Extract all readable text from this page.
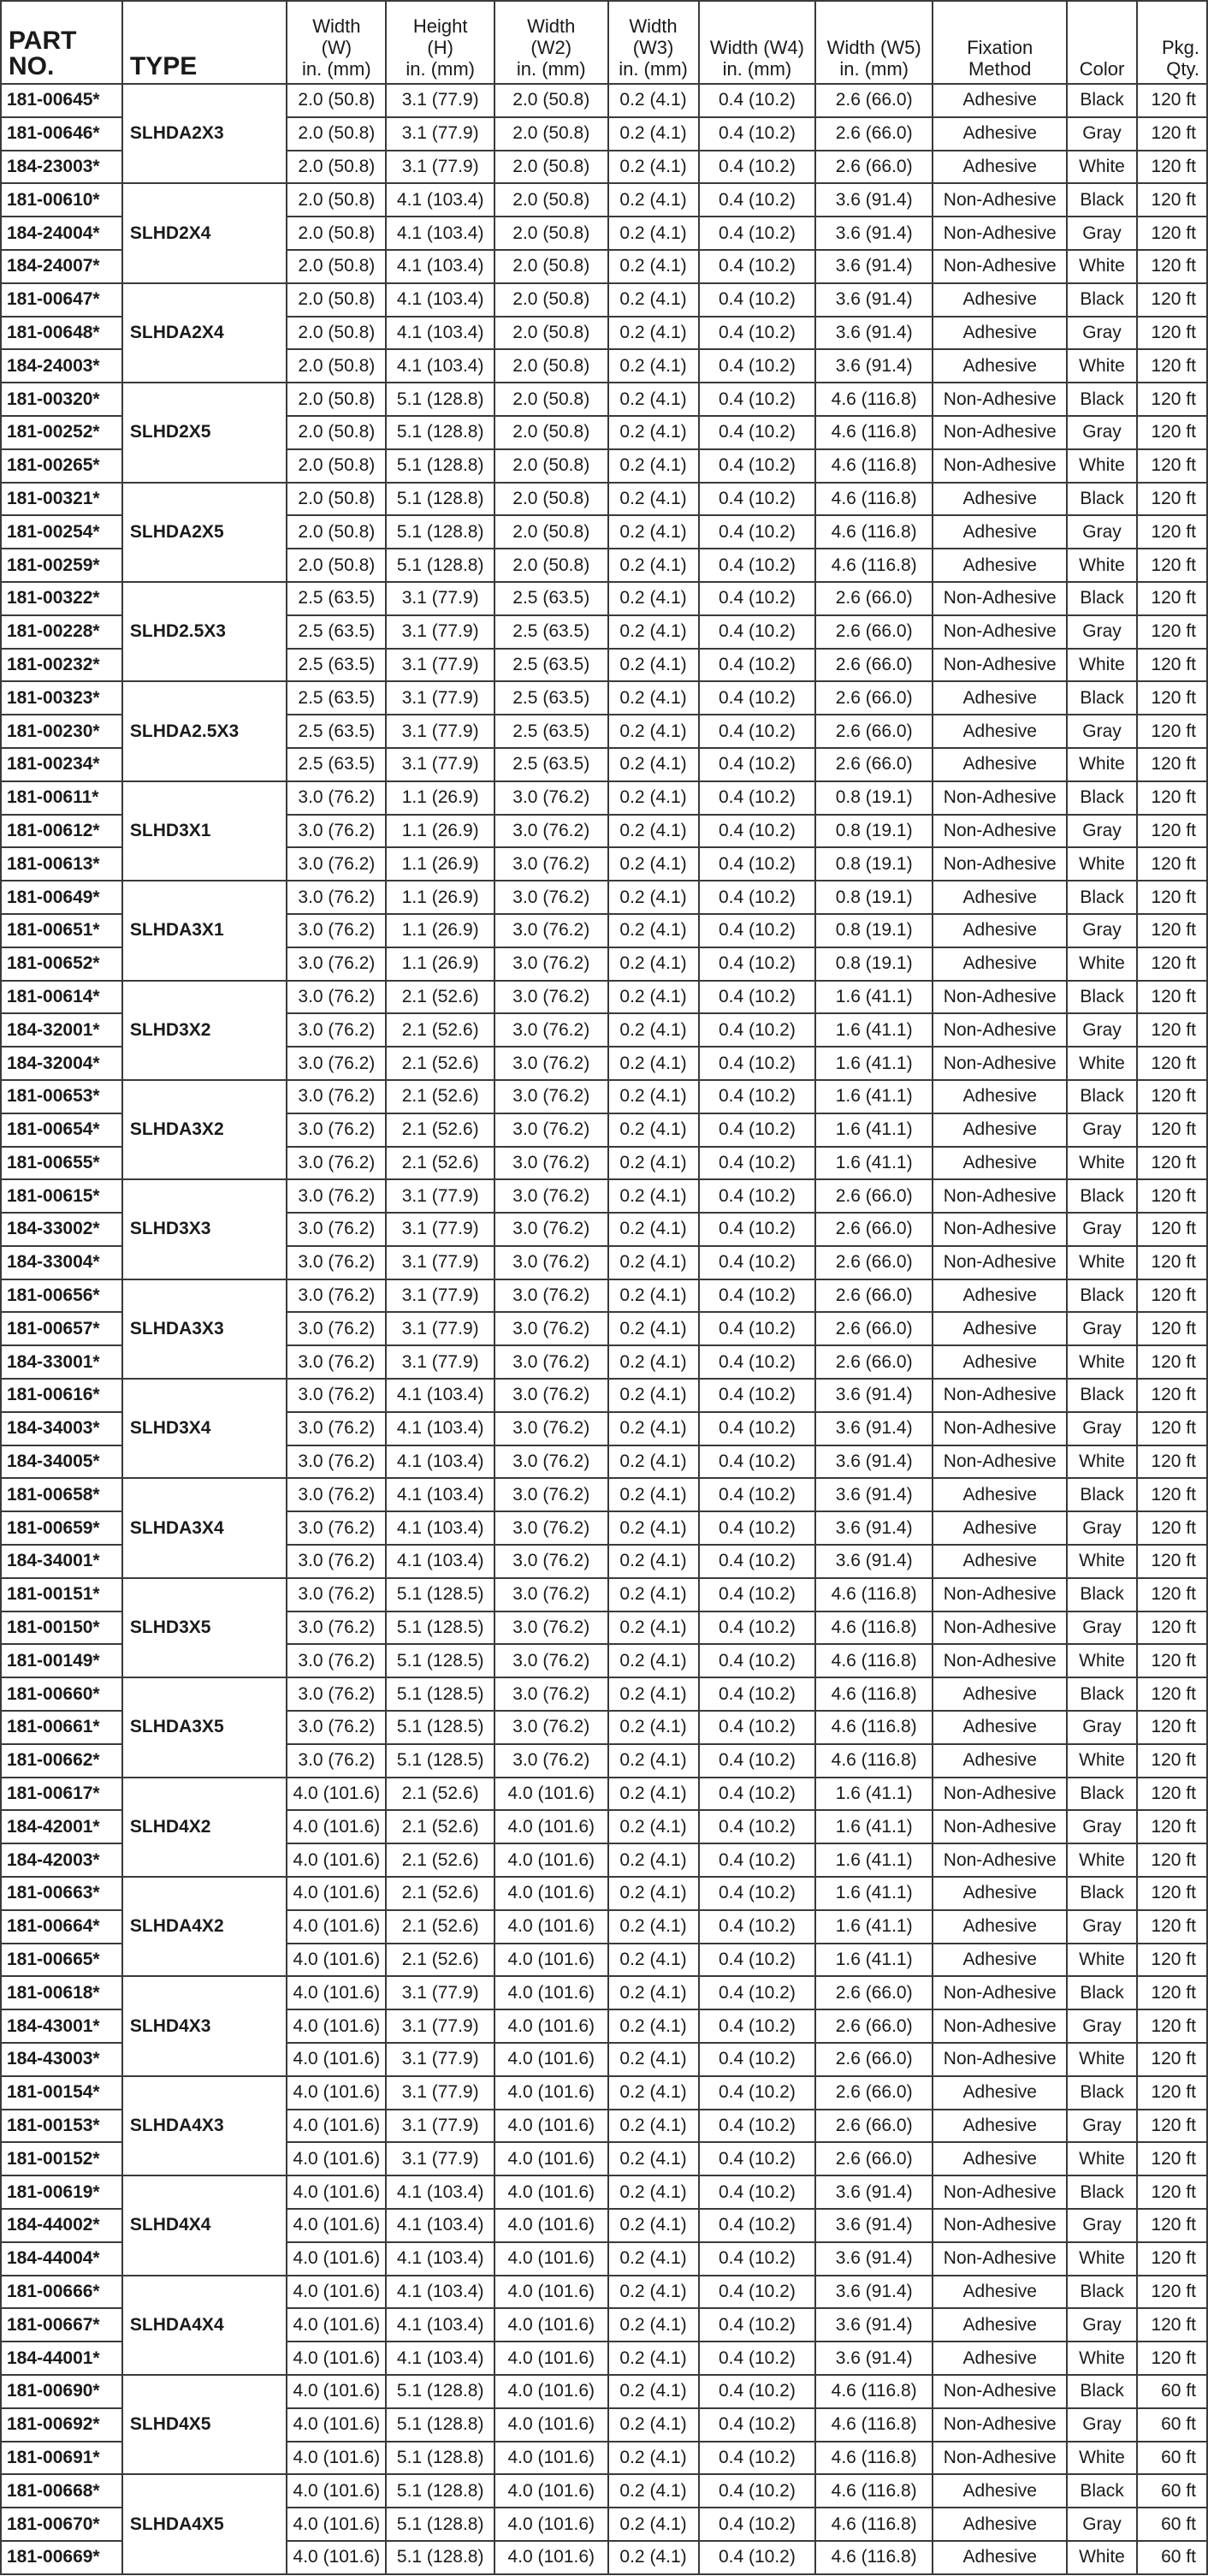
PART
NO.	TYPE	Width
(W)
in. (mm)	Height
(H)
in. (mm)	Width
(W2)
in. (mm)	Width
(W3)
in. (mm)	Width (W4)
in. (mm)	Width (W5)
in. (mm)	Fixation
Method	Color	Pkg.
Qty.
181-00645*	SLHDA2X3	2.0 (50.8)	3.1 (77.9)	2.0 (50.8)	0.2 (4.1)	0.4 (10.2)	2.6 (66.0)	Adhesive	Black	120 ft
181-00646*		2.0 (50.8)	3.1 (77.9)	2.0 (50.8)	0.2 (4.1)	0.4 (10.2)	2.6 (66.0)	Adhesive	Gray	120 ft
184-23003*		2.0 (50.8)	3.1 (77.9)	2.0 (50.8)	0.2 (4.1)	0.4 (10.2)	2.6 (66.0)	Adhesive	White	120 ft
181-00610*	SLHD2X4	2.0 (50.8)	4.1 (103.4)	2.0 (50.8)	0.2 (4.1)	0.4 (10.2)	3.6 (91.4)	Non-Adhesive	Black	120 ft
184-24004*		2.0 (50.8)	4.1 (103.4)	2.0 (50.8)	0.2 (4.1)	0.4 (10.2)	3.6 (91.4)	Non-Adhesive	Gray	120 ft
184-24007*		2.0 (50.8)	4.1 (103.4)	2.0 (50.8)	0.2 (4.1)	0.4 (10.2)	3.6 (91.4)	Non-Adhesive	White	120 ft
181-00647*	SLHDA2X4	2.0 (50.8)	4.1 (103.4)	2.0 (50.8)	0.2 (4.1)	0.4 (10.2)	3.6 (91.4)	Adhesive	Black	120 ft
181-00648*		2.0 (50.8)	4.1 (103.4)	2.0 (50.8)	0.2 (4.1)	0.4 (10.2)	3.6 (91.4)	Adhesive	Gray	120 ft
184-24003*		2.0 (50.8)	4.1 (103.4)	2.0 (50.8)	0.2 (4.1)	0.4 (10.2)	3.6 (91.4)	Adhesive	White	120 ft
181-00320*	SLHD2X5	2.0 (50.8)	5.1 (128.8)	2.0 (50.8)	0.2 (4.1)	0.4 (10.2)	4.6 (116.8)	Non-Adhesive	Black	120 ft
181-00252*		2.0 (50.8)	5.1 (128.8)	2.0 (50.8)	0.2 (4.1)	0.4 (10.2)	4.6 (116.8)	Non-Adhesive	Gray	120 ft
181-00265*		2.0 (50.8)	5.1 (128.8)	2.0 (50.8)	0.2 (4.1)	0.4 (10.2)	4.6 (116.8)	Non-Adhesive	White	120 ft
181-00321*	SLHDA2X5	2.0 (50.8)	5.1 (128.8)	2.0 (50.8)	0.2 (4.1)	0.4 (10.2)	4.6 (116.8)	Adhesive	Black	120 ft
181-00254*		2.0 (50.8)	5.1 (128.8)	2.0 (50.8)	0.2 (4.1)	0.4 (10.2)	4.6 (116.8)	Adhesive	Gray	120 ft
181-00259*		2.0 (50.8)	5.1 (128.8)	2.0 (50.8)	0.2 (4.1)	0.4 (10.2)	4.6 (116.8)	Adhesive	White	120 ft
181-00322*	SLHD2.5X3	2.5 (63.5)	3.1 (77.9)	2.5 (63.5)	0.2 (4.1)	0.4 (10.2)	2.6 (66.0)	Non-Adhesive	Black	120 ft
181-00228*		2.5 (63.5)	3.1 (77.9)	2.5 (63.5)	0.2 (4.1)	0.4 (10.2)	2.6 (66.0)	Non-Adhesive	Gray	120 ft
181-00232*		2.5 (63.5)	3.1 (77.9)	2.5 (63.5)	0.2 (4.1)	0.4 (10.2)	2.6 (66.0)	Non-Adhesive	White	120 ft
181-00323*	SLHDA2.5X3	2.5 (63.5)	3.1 (77.9)	2.5 (63.5)	0.2 (4.1)	0.4 (10.2)	2.6 (66.0)	Adhesive	Black	120 ft
181-00230*		2.5 (63.5)	3.1 (77.9)	2.5 (63.5)	0.2 (4.1)	0.4 (10.2)	2.6 (66.0)	Adhesive	Gray	120 ft
181-00234*		2.5 (63.5)	3.1 (77.9)	2.5 (63.5)	0.2 (4.1)	0.4 (10.2)	2.6 (66.0)	Adhesive	White	120 ft
181-00611*	SLHD3X1	3.0 (76.2)	1.1 (26.9)	3.0 (76.2)	0.2 (4.1)	0.4 (10.2)	0.8 (19.1)	Non-Adhesive	Black	120 ft
181-00612*		3.0 (76.2)	1.1 (26.9)	3.0 (76.2)	0.2 (4.1)	0.4 (10.2)	0.8 (19.1)	Non-Adhesive	Gray	120 ft
181-00613*		3.0 (76.2)	1.1 (26.9)	3.0 (76.2)	0.2 (4.1)	0.4 (10.2)	0.8 (19.1)	Non-Adhesive	White	120 ft
181-00649*	SLHDA3X1	3.0 (76.2)	1.1 (26.9)	3.0 (76.2)	0.2 (4.1)	0.4 (10.2)	0.8 (19.1)	Adhesive	Black	120 ft
181-00651*		3.0 (76.2)	1.1 (26.9)	3.0 (76.2)	0.2 (4.1)	0.4 (10.2)	0.8 (19.1)	Adhesive	Gray	120 ft
181-00652*		3.0 (76.2)	1.1 (26.9)	3.0 (76.2)	0.2 (4.1)	0.4 (10.2)	0.8 (19.1)	Adhesive	White	120 ft
181-00614*	SLHD3X2	3.0 (76.2)	2.1 (52.6)	3.0 (76.2)	0.2 (4.1)	0.4 (10.2)	1.6 (41.1)	Non-Adhesive	Black	120 ft
184-32001*		3.0 (76.2)	2.1 (52.6)	3.0 (76.2)	0.2 (4.1)	0.4 (10.2)	1.6 (41.1)	Non-Adhesive	Gray	120 ft
184-32004*		3.0 (76.2)	2.1 (52.6)	3.0 (76.2)	0.2 (4.1)	0.4 (10.2)	1.6 (41.1)	Non-Adhesive	White	120 ft
181-00653*	SLHDA3X2	3.0 (76.2)	2.1 (52.6)	3.0 (76.2)	0.2 (4.1)	0.4 (10.2)	1.6 (41.1)	Adhesive	Black	120 ft
181-00654*		3.0 (76.2)	2.1 (52.6)	3.0 (76.2)	0.2 (4.1)	0.4 (10.2)	1.6 (41.1)	Adhesive	Gray	120 ft
181-00655*		3.0 (76.2)	2.1 (52.6)	3.0 (76.2)	0.2 (4.1)	0.4 (10.2)	1.6 (41.1)	Adhesive	White	120 ft
181-00615*	SLHD3X3	3.0 (76.2)	3.1 (77.9)	3.0 (76.2)	0.2 (4.1)	0.4 (10.2)	2.6 (66.0)	Non-Adhesive	Black	120 ft
184-33002*		3.0 (76.2)	3.1 (77.9)	3.0 (76.2)	0.2 (4.1)	0.4 (10.2)	2.6 (66.0)	Non-Adhesive	Gray	120 ft
184-33004*		3.0 (76.2)	3.1 (77.9)	3.0 (76.2)	0.2 (4.1)	0.4 (10.2)	2.6 (66.0)	Non-Adhesive	White	120 ft
181-00656*	SLHDA3X3	3.0 (76.2)	3.1 (77.9)	3.0 (76.2)	0.2 (4.1)	0.4 (10.2)	2.6 (66.0)	Adhesive	Black	120 ft
181-00657*		3.0 (76.2)	3.1 (77.9)	3.0 (76.2)	0.2 (4.1)	0.4 (10.2)	2.6 (66.0)	Adhesive	Gray	120 ft
184-33001*		3.0 (76.2)	3.1 (77.9)	3.0 (76.2)	0.2 (4.1)	0.4 (10.2)	2.6 (66.0)	Adhesive	White	120 ft
181-00616*	SLHD3X4	3.0 (76.2)	4.1 (103.4)	3.0 (76.2)	0.2 (4.1)	0.4 (10.2)	3.6 (91.4)	Non-Adhesive	Black	120 ft
184-34003*		3.0 (76.2)	4.1 (103.4)	3.0 (76.2)	0.2 (4.1)	0.4 (10.2)	3.6 (91.4)	Non-Adhesive	Gray	120 ft
184-34005*		3.0 (76.2)	4.1 (103.4)	3.0 (76.2)	0.2 (4.1)	0.4 (10.2)	3.6 (91.4)	Non-Adhesive	White	120 ft
181-00658*	SLHDA3X4	3.0 (76.2)	4.1 (103.4)	3.0 (76.2)	0.2 (4.1)	0.4 (10.2)	3.6 (91.4)	Adhesive	Black	120 ft
181-00659*		3.0 (76.2)	4.1 (103.4)	3.0 (76.2)	0.2 (4.1)	0.4 (10.2)	3.6 (91.4)	Adhesive	Gray	120 ft
184-34001*		3.0 (76.2)	4.1 (103.4)	3.0 (76.2)	0.2 (4.1)	0.4 (10.2)	3.6 (91.4)	Adhesive	White	120 ft
181-00151*	SLHD3X5	3.0 (76.2)	5.1 (128.5)	3.0 (76.2)	0.2 (4.1)	0.4 (10.2)	4.6 (116.8)	Non-Adhesive	Black	120 ft
181-00150*		3.0 (76.2)	5.1 (128.5)	3.0 (76.2)	0.2 (4.1)	0.4 (10.2)	4.6 (116.8)	Non-Adhesive	Gray	120 ft
181-00149*		3.0 (76.2)	5.1 (128.5)	3.0 (76.2)	0.2 (4.1)	0.4 (10.2)	4.6 (116.8)	Non-Adhesive	White	120 ft
181-00660*	SLHDA3X5	3.0 (76.2)	5.1 (128.5)	3.0 (76.2)	0.2 (4.1)	0.4 (10.2)	4.6 (116.8)	Adhesive	Black	120 ft
181-00661*		3.0 (76.2)	5.1 (128.5)	3.0 (76.2)	0.2 (4.1)	0.4 (10.2)	4.6 (116.8)	Adhesive	Gray	120 ft
181-00662*		3.0 (76.2)	5.1 (128.5)	3.0 (76.2)	0.2 (4.1)	0.4 (10.2)	4.6 (116.8)	Adhesive	White	120 ft
181-00617*	SLHD4X2	4.0 (101.6)	2.1 (52.6)	4.0 (101.6)	0.2 (4.1)	0.4 (10.2)	1.6 (41.1)	Non-Adhesive	Black	120 ft
184-42001*		4.0 (101.6)	2.1 (52.6)	4.0 (101.6)	0.2 (4.1)	0.4 (10.2)	1.6 (41.1)	Non-Adhesive	Gray	120 ft
184-42003*		4.0 (101.6)	2.1 (52.6)	4.0 (101.6)	0.2 (4.1)	0.4 (10.2)	1.6 (41.1)	Non-Adhesive	White	120 ft
181-00663*	SLHDA4X2	4.0 (101.6)	2.1 (52.6)	4.0 (101.6)	0.2 (4.1)	0.4 (10.2)	1.6 (41.1)	Adhesive	Black	120 ft
181-00664*		4.0 (101.6)	2.1 (52.6)	4.0 (101.6)	0.2 (4.1)	0.4 (10.2)	1.6 (41.1)	Adhesive	Gray	120 ft
181-00665*		4.0 (101.6)	2.1 (52.6)	4.0 (101.6)	0.2 (4.1)	0.4 (10.2)	1.6 (41.1)	Adhesive	White	120 ft
181-00618*	SLHD4X3	4.0 (101.6)	3.1 (77.9)	4.0 (101.6)	0.2 (4.1)	0.4 (10.2)	2.6 (66.0)	Non-Adhesive	Black	120 ft
184-43001*		4.0 (101.6)	3.1 (77.9)	4.0 (101.6)	0.2 (4.1)	0.4 (10.2)	2.6 (66.0)	Non-Adhesive	Gray	120 ft
184-43003*		4.0 (101.6)	3.1 (77.9)	4.0 (101.6)	0.2 (4.1)	0.4 (10.2)	2.6 (66.0)	Non-Adhesive	White	120 ft
181-00154*	SLHDA4X3	4.0 (101.6)	3.1 (77.9)	4.0 (101.6)	0.2 (4.1)	0.4 (10.2)	2.6 (66.0)	Adhesive	Black	120 ft
181-00153*		4.0 (101.6)	3.1 (77.9)	4.0 (101.6)	0.2 (4.1)	0.4 (10.2)	2.6 (66.0)	Adhesive	Gray	120 ft
181-00152*		4.0 (101.6)	3.1 (77.9)	4.0 (101.6)	0.2 (4.1)	0.4 (10.2)	2.6 (66.0)	Adhesive	White	120 ft
181-00619*	SLHD4X4	4.0 (101.6)	4.1 (103.4)	4.0 (101.6)	0.2 (4.1)	0.4 (10.2)	3.6 (91.4)	Non-Adhesive	Black	120 ft
184-44002*		4.0 (101.6)	4.1 (103.4)	4.0 (101.6)	0.2 (4.1)	0.4 (10.2)	3.6 (91.4)	Non-Adhesive	Gray	120 ft
184-44004*		4.0 (101.6)	4.1 (103.4)	4.0 (101.6)	0.2 (4.1)	0.4 (10.2)	3.6 (91.4)	Non-Adhesive	White	120 ft
181-00666*	SLHDA4X4	4.0 (101.6)	4.1 (103.4)	4.0 (101.6)	0.2 (4.1)	0.4 (10.2)	3.6 (91.4)	Adhesive	Black	120 ft
181-00667*		4.0 (101.6)	4.1 (103.4)	4.0 (101.6)	0.2 (4.1)	0.4 (10.2)	3.6 (91.4)	Adhesive	Gray	120 ft
184-44001*		4.0 (101.6)	4.1 (103.4)	4.0 (101.6)	0.2 (4.1)	0.4 (10.2)	3.6 (91.4)	Adhesive	White	120 ft
181-00690*	SLHD4X5	4.0 (101.6)	5.1 (128.8)	4.0 (101.6)	0.2 (4.1)	0.4 (10.2)	4.6 (116.8)	Non-Adhesive	Black	60 ft
181-00692*		4.0 (101.6)	5.1 (128.8)	4.0 (101.6)	0.2 (4.1)	0.4 (10.2)	4.6 (116.8)	Non-Adhesive	Gray	60 ft
181-00691*		4.0 (101.6)	5.1 (128.8)	4.0 (101.6)	0.2 (4.1)	0.4 (10.2)	4.6 (116.8)	Non-Adhesive	White	60 ft
181-00668*	SLHDA4X5	4.0 (101.6)	5.1 (128.8)	4.0 (101.6)	0.2 (4.1)	0.4 (10.2)	4.6 (116.8)	Adhesive	Black	60 ft
181-00670*		4.0 (101.6)	5.1 (128.8)	4.0 (101.6)	0.2 (4.1)	0.4 (10.2)	4.6 (116.8)	Adhesive	Gray	60 ft
181-00669*		4.0 (101.6)	5.1 (128.8)	4.0 (101.6)	0.2 (4.1)	0.4 (10.2)	4.6 (116.8)	Adhesive	White	60 ft
